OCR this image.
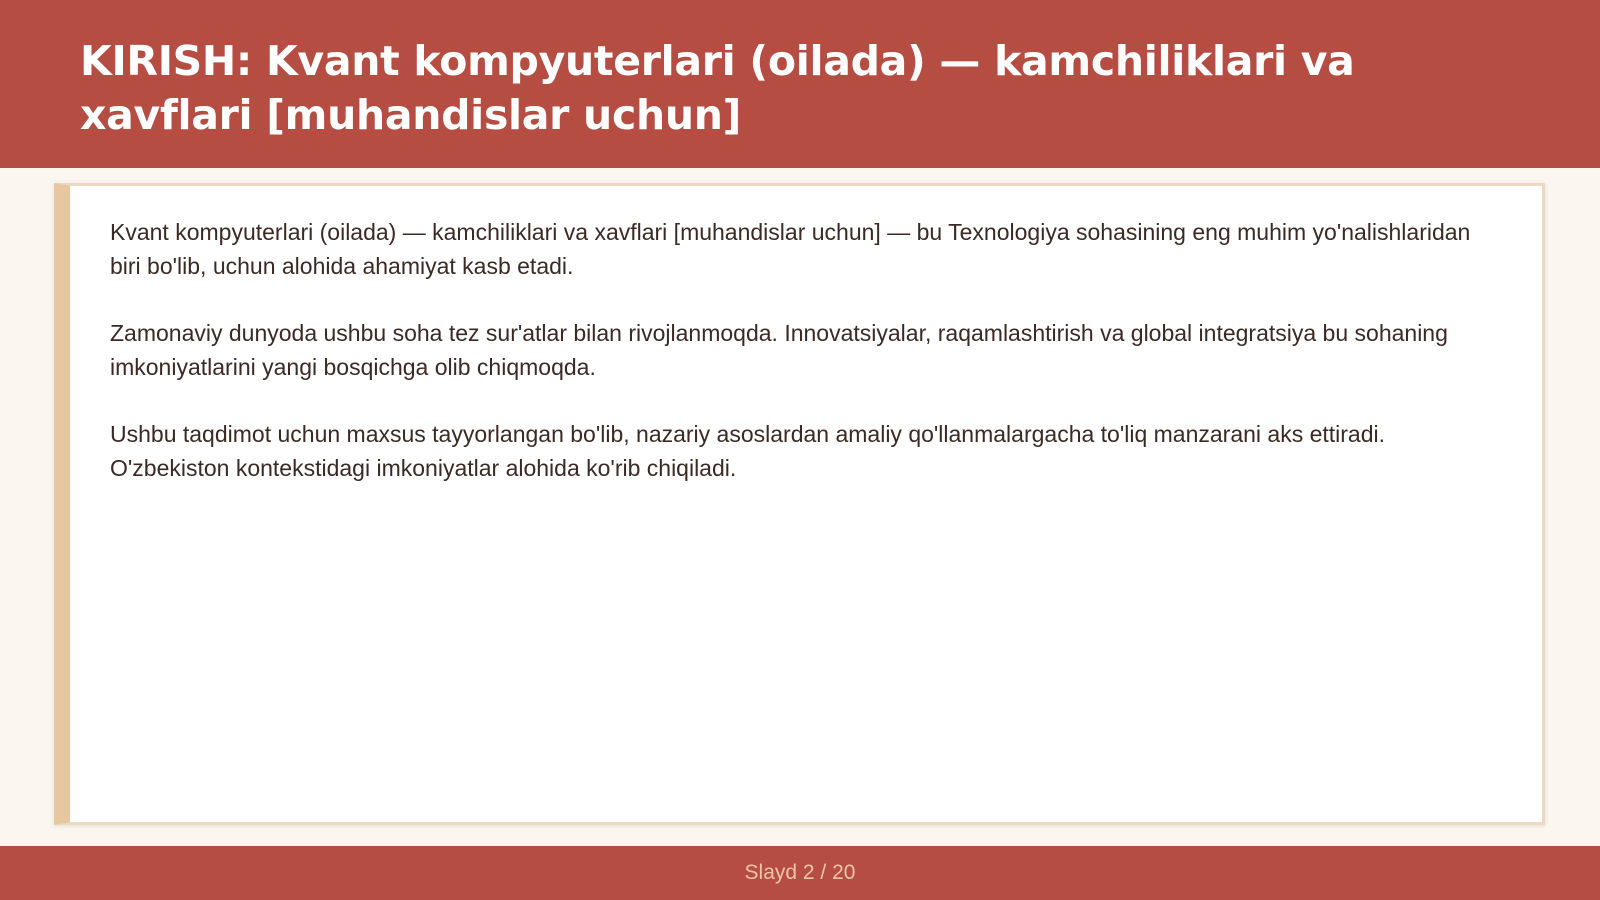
KIRISH: Kvant kompyuterlari (oilada) — kamchiliklari va xavflari [muhandislar uchun]

Kvant kompyuterlari (oilada) — kamchiliklari va xavflari [muhandislar uchun] — bu Texnologiya sohasining eng muhim yo'nalishlaridan biri bo'lib, uchun alohida ahamiyat kasb etadi.

Zamonaviy dunyoda ushbu soha tez sur'atlar bilan rivojlanmoqda. Innovatsiyalar, raqamlashtirish va global integratsiya bu sohaning imkoniyatlarini yangi bosqichga olib chiqmoqda.

Ushbu taqdimot uchun maxsus tayyorlangan bo'lib, nazariy asoslardan amaliy qo'llanmalargacha to'liq manzarani aks ettiradi. O'zbekiston kontekstidagi imkoniyatlar alohida ko'rib chiqiladi.

Slayd 2 / 20
